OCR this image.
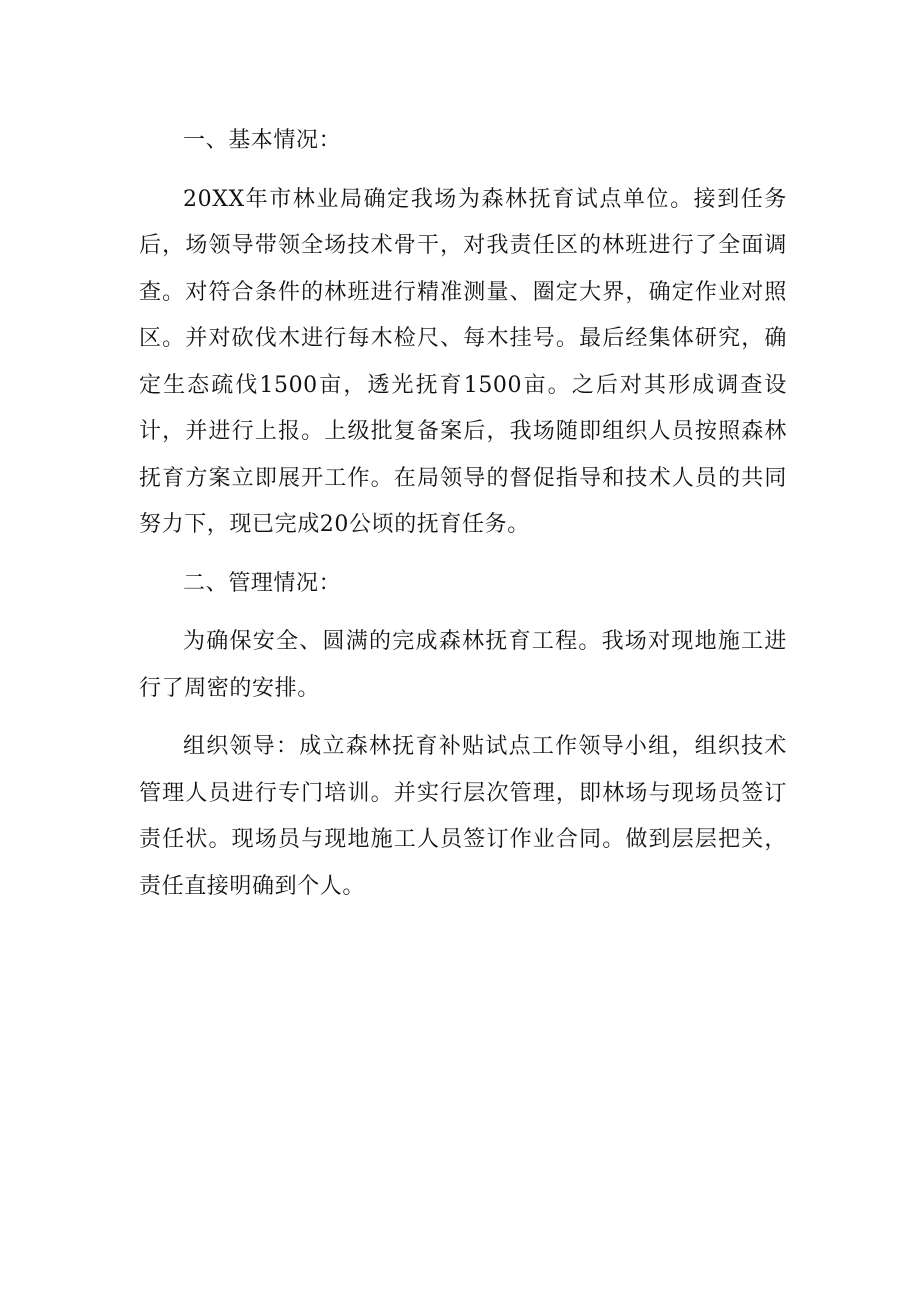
一、基本情况：

20XX年市林业局确定我场为森林抚育试点单位。接到任务后，场领导带领全场技术骨干，对我责任区的林班进行了全面调查。对符合条件的林班进行精准测量、圈定大界，确定作业对照区。并对砍伐木进行每木检尺、每木挂号。最后经集体研究，确定生态疏伐1500亩，透光抚育1500亩。之后对其形成调查设计，并进行上报。上级批复备案后，我场随即组织人员按照森林抚育方案立即展开工作。在局领导的督促指导和技术人员的共同努力下，现已完成20公顷的抚育任务。

二、管理情况：

为确保安全、圆满的完成森林抚育工程。我场对现地施工进行了周密的安排。

组织领导：成立森林抚育补贴试点工作领导小组，组织技术管理人员进行专门培训。并实行层次管理，即林场与现场员签订责任状。现场员与现地施工人员签订作业合同。做到层层把关，责任直接明确到个人。
